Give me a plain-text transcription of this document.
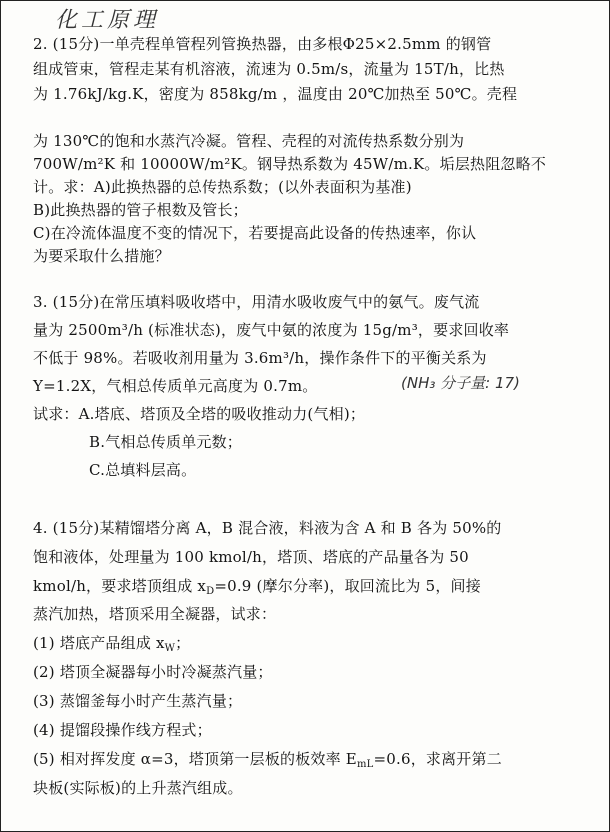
化工原理
2. (15分)一单壳程单管程列管换热器，由多根Φ25×2.5mm 的钢管
组成管束，管程走某有机溶液，流速为 0.5m/s，流量为 15T/h，比热
为 1.76kJ/kg.K，密度为 858kg/m ，温度由 20℃加热至 50℃。壳程
为 130℃的饱和水蒸汽冷凝。管程、壳程的对流传热系数分别为
700W/m²K 和 10000W/m²K。钢导热系数为 45W/m.K。垢层热阻忽略不
计。求：A)此换热器的总传热系数；(以外表面积为基准)
B)此换热器的管子根数及管长；
C)在冷流体温度不变的情况下，若要提高此设备的传热速率，你认
为要采取什么措施？
3. (15分)在常压填料吸收塔中，用清水吸收废气中的氨气。废气流
量为 2500m³/h (标准状态)，废气中氨的浓度为 15g/m³，要求回收率
不低于 98%。若吸收剂用量为 3.6m³/h，操作条件下的平衡关系为
Y=1.2X，气相总传质单元高度为 0.7m。	(NH₃ 分子量: 17)
试求：A.塔底、塔顶及全塔的吸收推动力(气相)；
B.气相总传质单元数；
C.总填料层高。
4. (15分)某精馏塔分离 A，B 混合液，料液为含 A 和 B 各为 50%的
饱和液体，处理量为 100 kmol/h，塔顶、塔底的产品量各为 50
kmol/h，要求塔顶组成 $x_D=0.9$ (摩尔分率)，取回流比为 5，间接
蒸汽加热，塔顶采用全凝器，试求：
(1) 塔底产品组成 $x_W$；
(2) 塔顶全凝器每小时冷凝蒸汽量；
(3) 蒸馏釜每小时产生蒸汽量；
(4) 提馏段操作线方程式；
(5) 相对挥发度 α=3，塔顶第一层板的板效率 $E_{mL}=0.6$，求离开第二
块板(实际板)的上升蒸汽组成。
